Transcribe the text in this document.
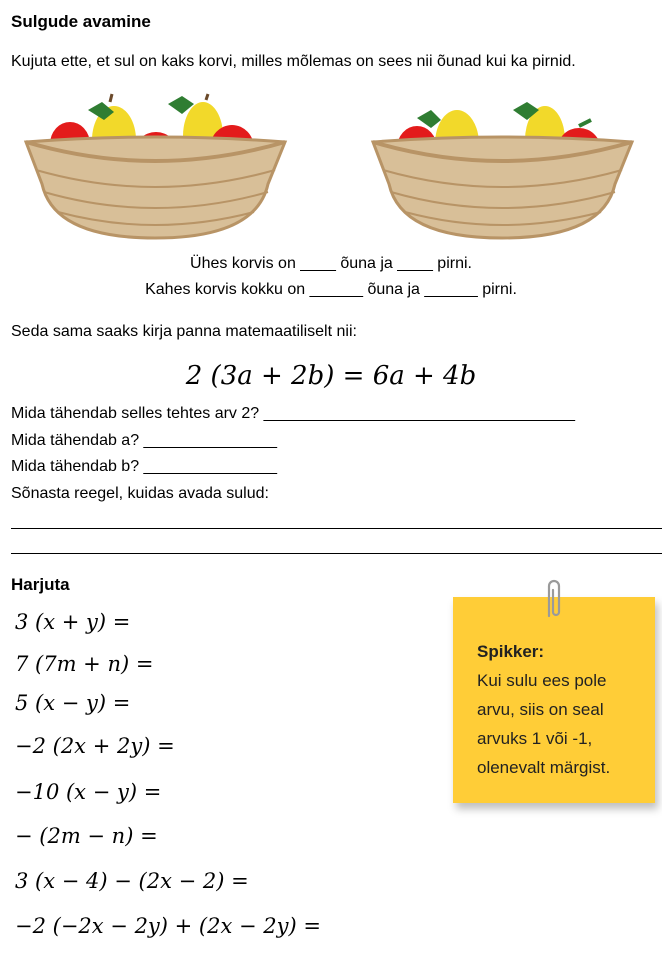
Sulgude avamine
Kujuta ette, et sul on kaks korvi, milles mõlemas on sees nii õunad kui ka pirnid.
Ühes korvis on ____ õuna ja ____ pirni.
Kahes korvis kokku on ______ õuna ja ______ pirni.
Seda sama saaks kirja panna matemaatiliselt nii:
2 (3a + 2b) = 6a + 4b
Mida tähendab selles tehtes arv 2? ___________________________________
Mida tähendab a? _______________
Mida tähendab b? _______________
Sõnasta reegel, kuidas avada sulud:
Harjuta
3 (x + y) =
7 (7m + n) =
5 (x − y) =
−2 (2x + 2y) =
−10 (x − y) =
− (2m − n) =
3 (x − 4) − (2x − 2) =
−2 (−2x − 2y) + (2x − 2y) =
Spikker:
Kui sulu ees pole
arvu, siis on seal
arvuks 1 või -1,
olenevalt märgist.
